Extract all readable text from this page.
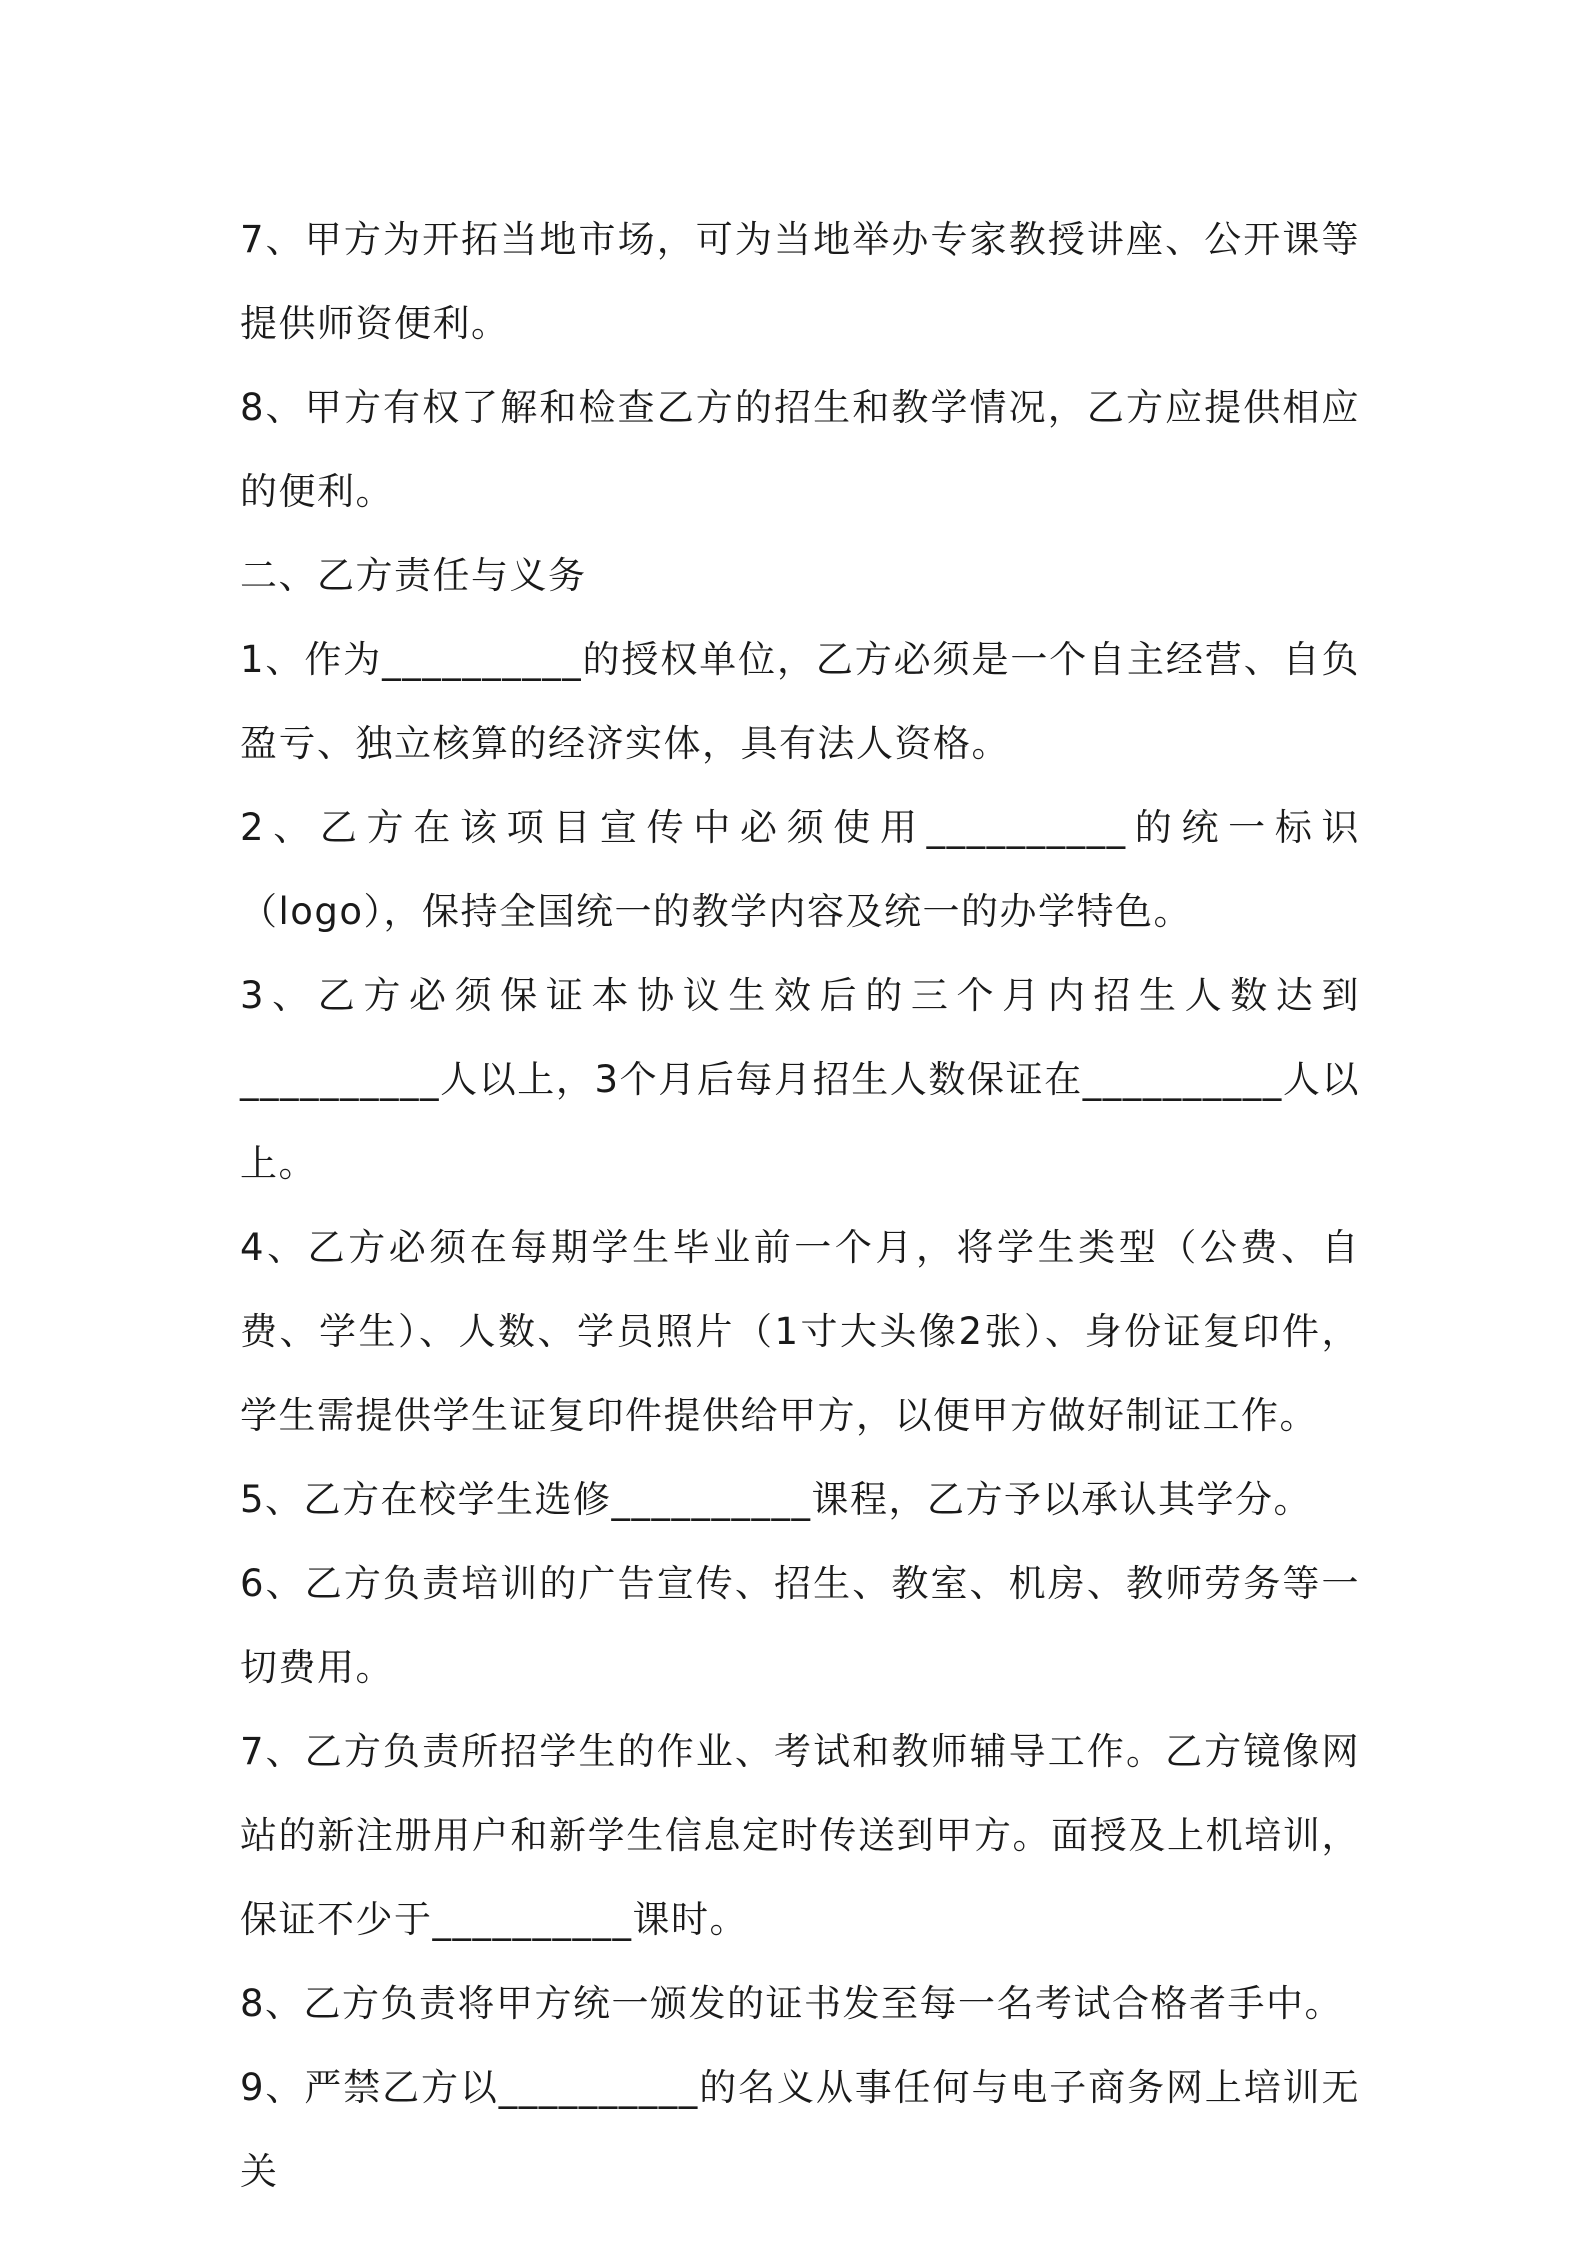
7、甲方为开拓当地市场，可为当地举办专家教授讲座、公开课等提供师资便利。

8、甲方有权了解和检查乙方的招生和教学情况，乙方应提供相应的便利。

二、乙方责任与义务

1、作为__________的授权单位，乙方必须是一个自主经营、自负盈亏、独立核算的经济实体，具有法人资格。

2、乙方在该项目宣传中必须使用__________的统一标识（logo），保持全国统一的教学内容及统一的办学特色。

3、乙方必须保证本协议生效后的三个月内招生人数达到__________人以上，3个月后每月招生人数保证在__________人以上。

4、乙方必须在每期学生毕业前一个月，将学生类型（公费、自费、学生）、人数、学员照片（1寸大头像2张）、身份证复印件，学生需提供学生证复印件提供给甲方，以便甲方做好制证工作。

5、乙方在校学生选修__________课程，乙方予以承认其学分。

6、乙方负责培训的广告宣传、招生、教室、机房、教师劳务等一切费用。

7、乙方负责所招学生的作业、考试和教师辅导工作。乙方镜像网站的新注册用户和新学生信息定时传送到甲方。面授及上机培训，保证不少于__________课时。

8、乙方负责将甲方统一颁发的证书发至每一名考试合格者手中。

9、严禁乙方以__________的名义从事任何与电子商务网上培训无关
